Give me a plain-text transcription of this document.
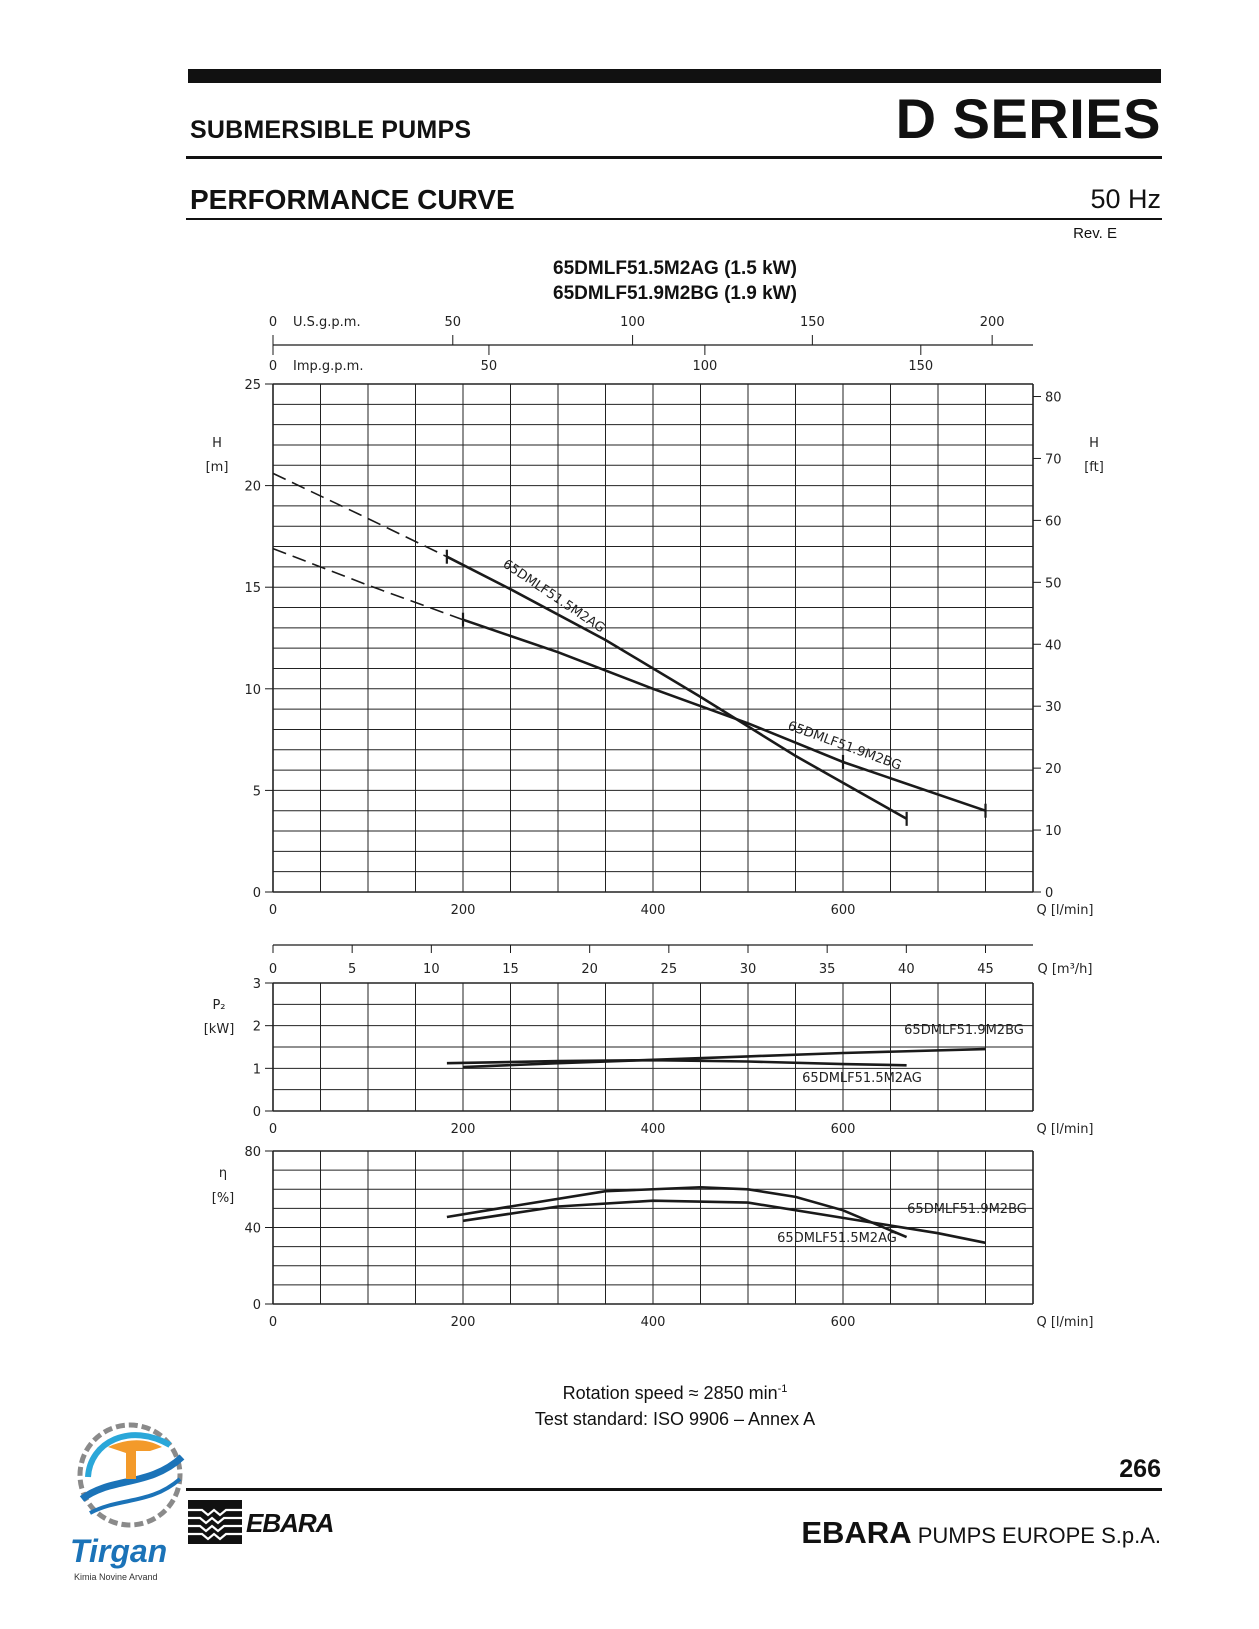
SUBMERSIBLE PUMPS	D SERIES
PERFORMANCE CURVE	50 Hz
Rev. E
65DMLF51.5M2AG (1.5 kW)
65DMLF51.9M2BG (1.9 kW)
0
5
10
15
20
25
0	200	400	600	Q [l/min]
H
[m]
H
[ft]
0
10
20
30
40
50
60
70
80
0	50	100	150	200
U.S.g.p.m.
0	50	100	150
Imp.g.p.m.
65DMLF51.5M2AG
65DMLF51.9M2BG
0	5	10	15	20	25	30	35	40	45	Q [m³/h]
0
1
2
3
0	200	400	600	Q [l/min]
P₂
[kW]	65DMLF51.9M2BG
65DMLF51.5M2AG
0
40
80
0	200	400	600	Q [l/min]
η
[%]
65DMLF51.9M2BG
65DMLF51.5M2AG
Rotation speed ≈ 2850 $\min^{-1}$
Test standard: ISO 9906 – Annex A
266
EBARA PUMPS EUROPE S.p.A.
EBARA
Tirgan
Kimia Novine Arvand
